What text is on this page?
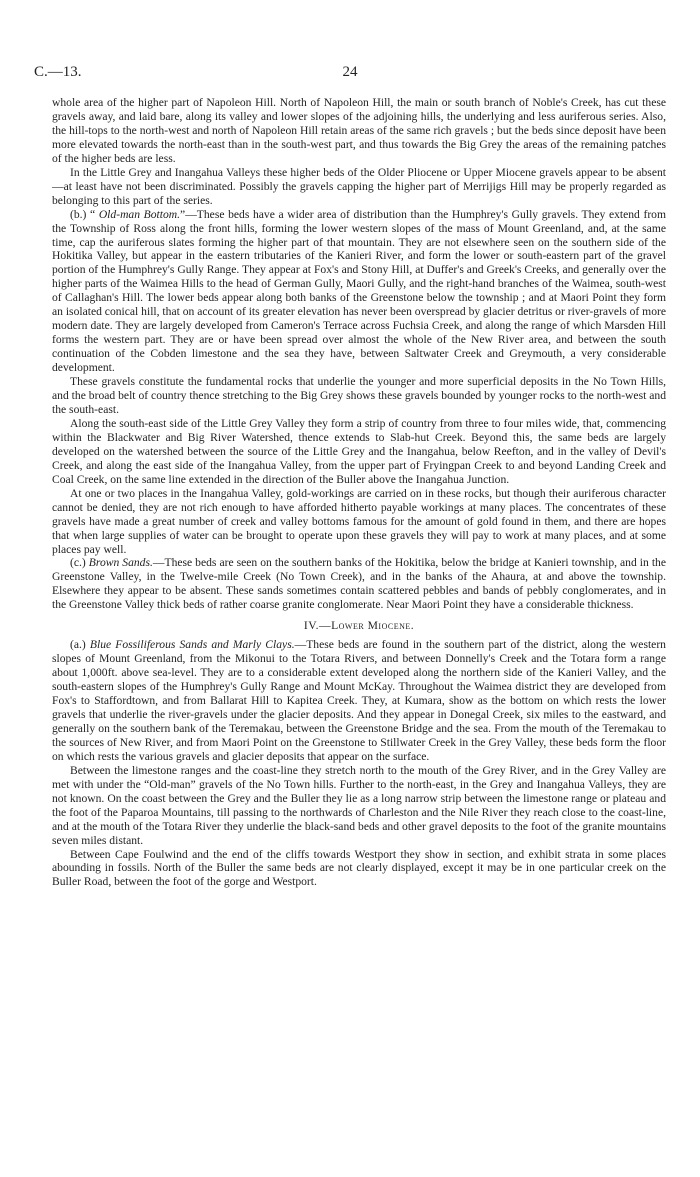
C.—13.	24

whole area of the higher part of Napoleon Hill. North of Napoleon Hill, the main or south branch of Noble's Creek, has cut these gravels away, and laid bare, along its valley and lower slopes of the adjoining hills, the underlying and less auriferous series. Also, the hill-tops to the north-west and north of Napoleon Hill retain areas of the same rich gravels ; but the beds since deposit have been more elevated towards the north-east than in the south-west part, and thus towards the Big Grey the areas of the remaining patches of the higher beds are less.

In the Little Grey and Inangahua Valleys these higher beds of the Older Pliocene or Upper Miocene gravels appear to be absent—at least have not been discriminated. Possibly the gravels capping the higher part of Merrijigs Hill may be properly regarded as belonging to this part of the series.

(b.) “ Old-man Bottom.”—These beds have a wider area of distribution than the Humphrey's Gully gravels. They extend from the Township of Ross along the front hills, forming the lower western slopes of the mass of Mount Greenland, and, at the same time, cap the auriferous slates forming the higher part of that mountain. They are not elsewhere seen on the southern side of the Hokitika Valley, but appear in the eastern tributaries of the Kanieri River, and form the lower or south-eastern part of the gravel portion of the Humphrey's Gully Range. They appear at Fox's and Stony Hill, at Duffer's and Greek's Creeks, and generally over the higher parts of the Waimea Hills to the head of German Gully, Maori Gully, and the right-hand branches of the Waimea, south-west of Callaghan's Hill. The lower beds appear along both banks of the Greenstone below the township ; and at Maori Point they form an isolated conical hill, that on account of its greater elevation has never been overspread by glacier detritus or river-gravels of more modern date. They are largely developed from Cameron's Terrace across Fuchsia Creek, and along the range of which Marsden Hill forms the western part. They are or have been spread over almost the whole of the New River area, and between the south continuation of the Cobden limestone and the sea they have, between Saltwater Creek and Greymouth, a very considerable development.

These gravels constitute the fundamental rocks that underlie the younger and more superficial deposits in the No Town Hills, and the broad belt of country thence stretching to the Big Grey shows these gravels bounded by younger rocks to the north-west and the south-east.

Along the south-east side of the Little Grey Valley they form a strip of country from three to four miles wide, that, commencing within the Blackwater and Big River Watershed, thence extends to Slab-hut Creek. Beyond this, the same beds are largely developed on the watershed between the source of the Little Grey and the Inangahua, below Reefton, and in the valley of Devil's Creek, and along the east side of the Inangahua Valley, from the upper part of Fryingpan Creek to and beyond Landing Creek and Coal Creek, on the same line extended in the direction of the Buller above the Inangahua Junction.

At one or two places in the Inangahua Valley, gold-workings are carried on in these rocks, but though their auriferous character cannot be denied, they are not rich enough to have afforded hitherto payable workings at many places. The concentrates of these gravels have made a great number of creek and valley bottoms famous for the amount of gold found in them, and there are hopes that when large supplies of water can be brought to operate upon these gravels they will pay to work at many places, and at some places pay well.

(c.) Brown Sands.—These beds are seen on the southern banks of the Hokitika, below the bridge at Kanieri township, and in the Greenstone Valley, in the Twelve-mile Creek (No Town Creek), and in the banks of the Ahaura, at and above the township. Elsewhere they appear to be absent. These sands sometimes contain scattered pebbles and bands of pebbly conglomerates, and in the Greenstone Valley thick beds of rather coarse granite conglomerate. Near Maori Point they have a considerable thickness.

IV.—Lower Miocene.

(a.) Blue Fossiliferous Sands and Marly Clays.—These beds are found in the southern part of the district, along the western slopes of Mount Greenland, from the Mikonui to the Totara Rivers, and between Donnelly's Creek and the Totara form a range about 1,000ft. above sea-level. They are to a considerable extent developed along the northern side of the Kanieri Valley, and the south-eastern slopes of the Humphrey's Gully Range and Mount McKay. Throughout the Waimea district they are developed from Fox's to Staffordtown, and from Ballarat Hill to Kapitea Creek. They, at Kumara, show as the bottom on which rests the lower gravels that underlie the river-gravels under the glacier deposits. And they appear in Donegal Creek, six miles to the eastward, and generally on the southern bank of the Teremakau, between the Greenstone Bridge and the sea. From the mouth of the Teremakau to the sources of New River, and from Maori Point on the Greenstone to Stillwater Creek in the Grey Valley, these beds form the floor on which rests the various gravels and glacier deposits that appear on the surface.

Between the limestone ranges and the coast-line they stretch north to the mouth of the Grey River, and in the Grey Valley are met with under the “Old-man” gravels of the No Town hills. Further to the north-east, in the Grey and Inangahua Valleys, they are not known. On the coast between the Grey and the Buller they lie as a long narrow strip between the limestone range or plateau and the foot of the Paparoa Mountains, till passing to the northwards of Charleston and the Nile River they reach close to the coast-line, and at the mouth of the Totara River they underlie the black-sand beds and other gravel deposits to the foot of the granite mountains seven miles distant.

Between Cape Foulwind and the end of the cliffs towards Westport they show in section, and exhibit strata in some places abounding in fossils. North of the Buller the same beds are not clearly displayed, except it may be in one particular creek on the Buller Road, between the foot of the gorge and Westport.
